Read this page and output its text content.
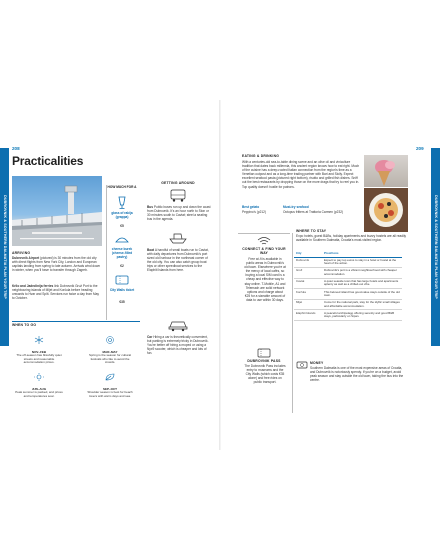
208
DUBROVNIK & SOUTHERN DALMATIA PLAN YOUR TRIP
Practicalities
ARRIVING
Dubrovnik Airport (pictured) is 30 minutes from the old city with direct flights from New York City, London and European capitals landing from spring to late autumn. Arrivals wind down in winter, when you'll have to transfer through Zagreb.
Krilo and Jadrolinija ferries link Dubrovnik Gruž Port to the neighbouring islands of Mljet and Korčula before heading onwards to Hvar and Split. Services run twice a day from May to October.
HOW MUCH FOR A
glass of rakija (grappa)
€5
cheese burek (cheese-filled pastry)
€2
City Walls ticket
€35
GETTING AROUND
Bus Public buses run up and down the coast from Dubrovnik. It's an hour north to Ston or 30 minutes south to Cavtat; steel a seating bus in the agenda.
Boat A handful of small boats run to Cavtat, with daily departures from Dubrovnik's port sized old harbour in the northeast corner of the old city. You can also catch group boat trips or other speedboat services to the Elaphiti Islands from here.
Car Hiring a car is theoretically convenient, but parking is extremely tricky in Dubrovnik. You're better off hiring a moped or using a Nyx9 scooter, which is cheaper and lots of fun.
WHEN TO GO
NOV–FEB
The off-season has blissfully quiet streets and reasonable accommodation prices.
MAR–MAY
Spring is the season for cultural festivals who like to avoid the crowds.
JUN–AUG
Peak summer is packed, and prices and temperatures soar.
SEP–OCT
Shoulder season is best for beach lovers with warm days and sea.
209
DUBROVNIK & SOUTHERN DALMATIA PLAN YOUR TRIP
EATING & DRINKING
With a centuries-old sea-to-table dining scene and an olive oil and viniculture tradition that dates back millennia, this ancient region knows how to eat right. Much of the cuisine has a deep-rooted Italian connection from the region's time as a Venetian outpost and as a long-time trading partner with Bari and Sicily. Expect excellent seafood pasta (pictured right bottom), risotto and grilled fish dishes. Sniff out the best restaurants by dropping those on the more drags that try to reel you in. Top quality doesn't hustle for patrons.
Best gelato
Peppino's (p212)
Must-try seafood
Octopus fritters at Trattoria Carmen (p232)
CONNECT & FIND YOUR WAY
Free wi-fi is available in public areas in Dubrovnik's old town. Elsewhere you're at the mercy of local cafés, so buying a local SIM card is a cheap and effective way to stay online. T-Mobile, A1 and Telemach are solid network options and charge about €25 for a sizeable amount of data to use within 30 days.
DUBROVNIK PASS
The Dubrovnik Pass includes entry to museums and the City Walls (which costs €35 alone) and free rides on public transport.
WHERE TO STAY
Expo hotels, guest B&Bs, holiday apartments and buzzy hostels are all readily available in Southern Dalmatia, Croatia's most-visited region.
City	Pros/Cons
Dubrovnik	Expect to pay top euros to stay in a hotel or hostel at the heart of the action.
Gruž	Dubrovnik's port is a vibrant neighbourhood with cheaper accommodation.
Cavtat	A quiet seaside town that has large hotels and apartments aplenty as well as a chilled-out vibe.
Korčula	This beloved island has good-value stays outside of the old town.
Mljet	Come for the national park, stay for the idyllic small villages and affordable accommodation.
Elaphiti Islands	A peaceful archipelago offering serenity and good B&B stays, particularly on Šipan.
MONEY
Southern Dalmatia is one of the most expensive areas of Croatia, and Dubrovnik is notoriously spendy. If you're on a budget, avoid peak season and stay outside the old town, taking the bus into the centre.
